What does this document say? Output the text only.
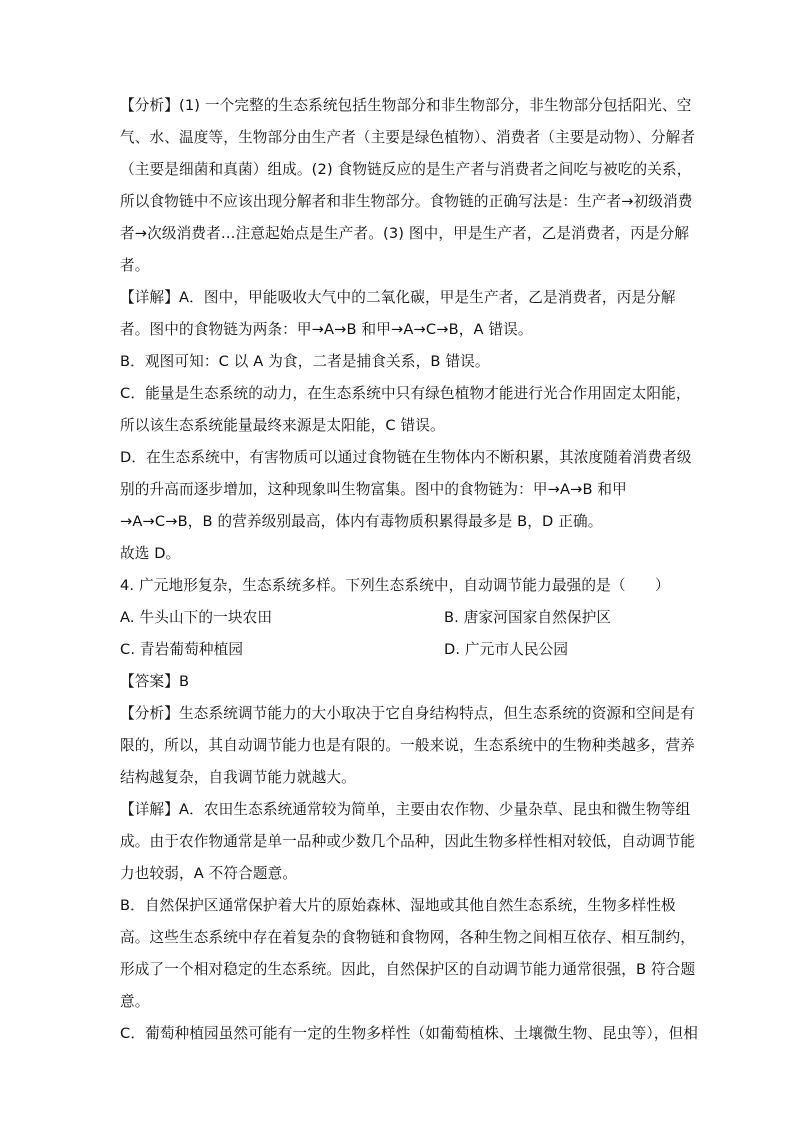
【分析】(1) 一个完整的生态系统包括生物部分和非生物部分，非生物部分包括阳光、空
气、水、温度等，生物部分由生产者（主要是绿色植物）、消费者（主要是动物）、分解者
（主要是细菌和真菌）组成。(2) 食物链反应的是生产者与消费者之间吃与被吃的关系，
所以食物链中不应该出现分解者和非生物部分。食物链的正确写法是：生产者→初级消费
者→次级消费者…注意起始点是生产者。(3) 图中，甲是生产者，乙是消费者，丙是分解
者。
【详解】A．图中，甲能吸收大气中的二氧化碳，甲是生产者，乙是消费者，丙是分解
者。图中的食物链为两条：甲→A→B 和甲→A→C→B，A 错误。
B．观图可知：C 以 A 为食，二者是捕食关系，B 错误。
C．能量是生态系统的动力，在生态系统中只有绿色植物才能进行光合作用固定太阳能，
所以该生态系统能量最终来源是太阳能，C 错误。
D．在生态系统中，有害物质可以通过食物链在生物体内不断积累，其浓度随着消费者级
别的升高而逐步增加，这种现象叫生物富集。图中的食物链为：甲→A→B 和甲
→A→C→B，B 的营养级别最高，体内有毒物质积累得最多是 B，D 正确。
故选 D。
4. 广元地形复杂，生态系统多样。下列生态系统中，自动调节能力最强的是（　　）
A. 牛头山下的一块农田	B. 唐家河国家自然保护区
C. 青岩葡萄种植园	D. 广元市人民公园
【答案】B
【分析】生态系统调节能力的大小取决于它自身结构特点，但生态系统的资源和空间是有
限的，所以，其自动调节能力也是有限的。一般来说，生态系统中的生物种类越多，营养
结构越复杂，自我调节能力就越大。
【详解】A．农田生态系统通常较为简单，主要由农作物、少量杂草、昆虫和微生物等组
成。由于农作物通常是单一品种或少数几个品种，因此生物多样性相对较低，自动调节能
力也较弱，A 不符合题意。
B．自然保护区通常保护着大片的原始森林、湿地或其他自然生态系统，生物多样性极
高。这些生态系统中存在着复杂的食物链和食物网，各种生物之间相互依存、相互制约，
形成了一个相对稳定的生态系统。因此，自然保护区的自动调节能力通常很强，B 符合题
意。
C．葡萄种植园虽然可能有一定的生物多样性（如葡萄植株、土壤微生物、昆虫等），但相
